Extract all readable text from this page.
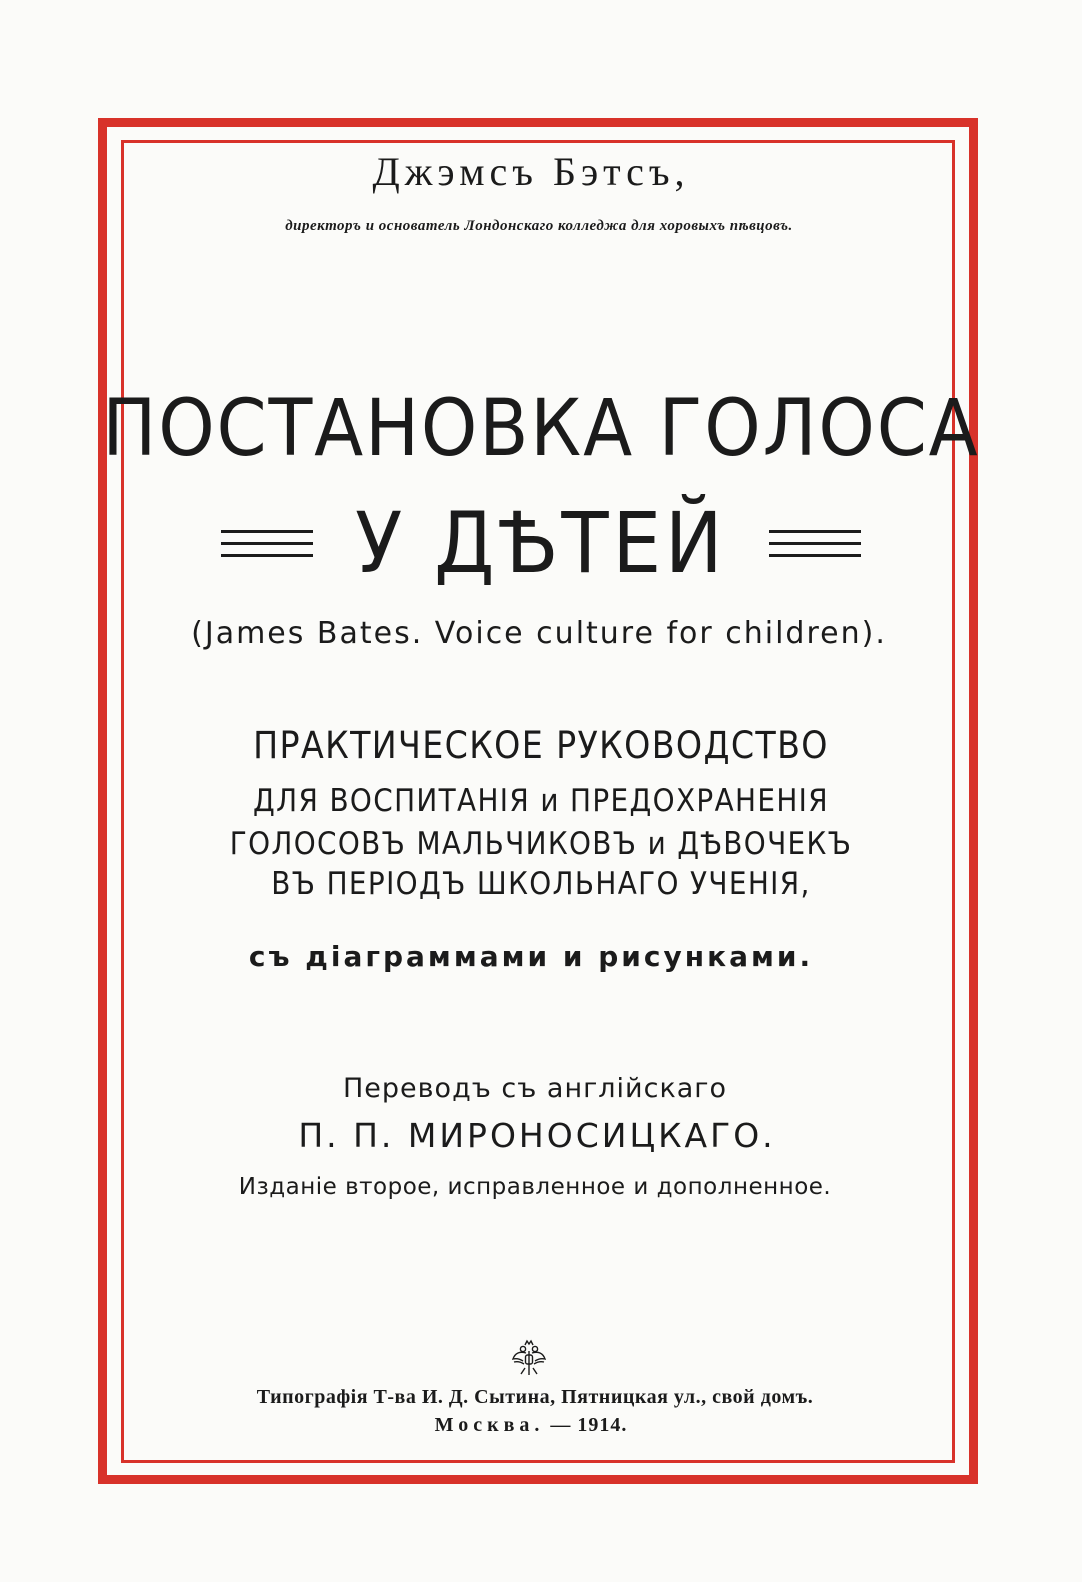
Джэмсъ Бэтсъ,
директоръ и основатель Лондонскаго колледжа для хоровыхъ пѣвцовъ.
ПОСТАНОВКА ГОЛОСА
У ДѢТЕЙ
(James Bates. Voice culture for children).
ПРАКТИЧЕСКОЕ РУКОВОДСТВО
ДЛЯ ВОСПИТАНІЯ и ПРЕДОХРАНЕНІЯ
ГОЛОСОВЪ МАЛЬЧИКОВЪ и ДѢВОЧЕКЪ
ВЪ ПЕРІОДЪ ШКОЛЬНАГО УЧЕНІЯ,
съ діаграммами и рисунками.
Переводъ съ англійскаго
П. П. МИРОНОСИЦКАГО.
Изданіе второе, исправленное и дополненное.
Типографія Т-ва И. Д. Сытина, Пятницкая ул., свой домъ.
Москва. — 1914.
